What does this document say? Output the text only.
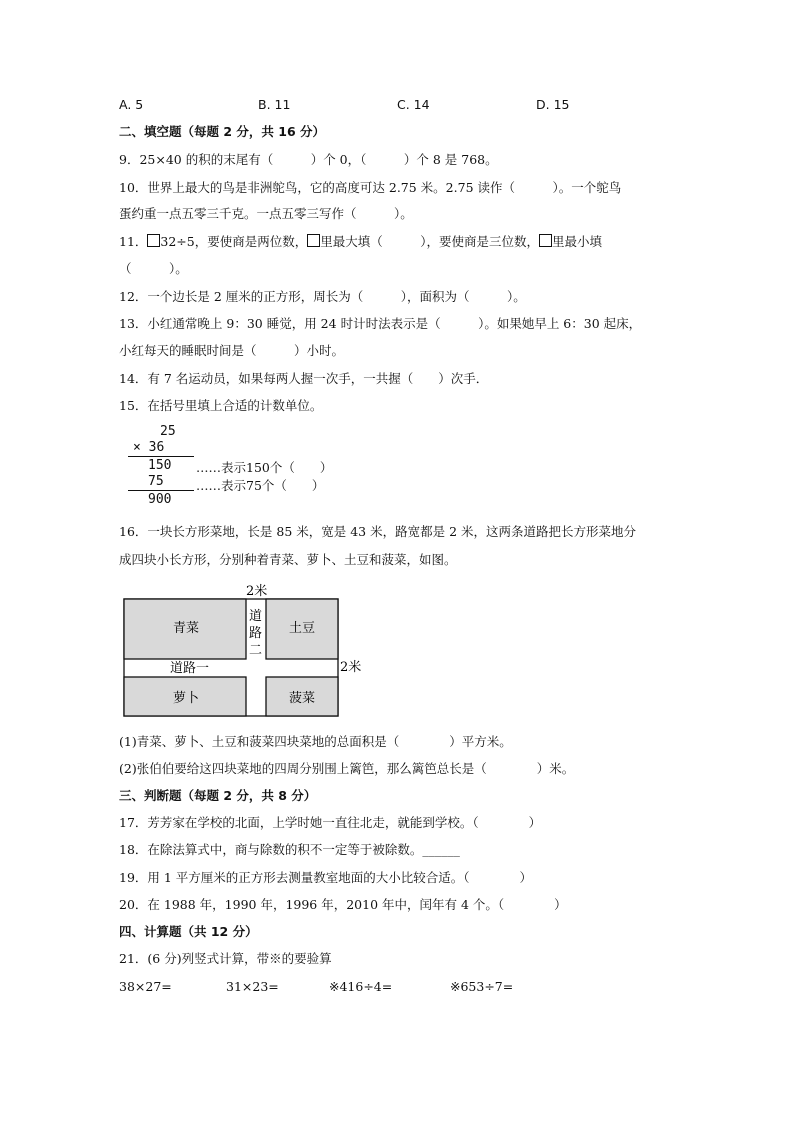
A. 5	B. 11	C. 14	D. 15
二、填空题（每题 2 分，共 16 分）
9．25×40 的积的末尾有（　　　）个 0，（　　　）个 8 是 768。
10．世界上最大的鸟是非洲鸵鸟，它的高度可达 2.75 米。2.75 读作（　　　）。一个鸵鸟
蛋约重一点五零三千克。一点五零三写作（　　　）。
11． 32÷5，要使商是两位数， 里最大填（　　　），要使商是三位数， 里最小填
（　　　）。
12．一个边长是 2 厘米的正方形，周长为（　　　），面积为（　　　）。
13．小红通常晚上 9：30 睡觉，用 24 时计时法表示是（　　　）。如果她早上 6：30 起床，
小红每天的睡眠时间是（　　　）小时。
14．有 7 名运动员，如果每两人握一次手，一共握（　　）次手．
15．在括号里填上合适的计数单位。
25
× 36
150
75
900
……表示150个（　　）
……表示75个（　　）
16．一块长方形菜地，长是 85 米，宽是 43 米，路宽都是 2 米，这两条道路把长方形菜地分
成四块小长方形，分别种着青菜、萝卜、土豆和菠菜，如图。
2米
2米
青菜	土豆
萝卜	菠菜
道路一
道
路
二
(1)青菜、萝卜、土豆和菠菜四块菜地的总面积是（　　　　）平方米。
(2)张伯伯要给这四块菜地的四周分别围上篱笆，那么篱笆总长是（　　　　）米。
三、判断题（每题 2 分，共 8 分）
17．芳芳家在学校的北面，上学时她一直往北走，就能到学校。（　　　　）
18．在除法算式中，商与除数的积不一定等于被除数。______
19．用 1 平方厘米的正方形去测量教室地面的大小比较合适。（　　　　）
20．在 1988 年，1990 年，1996 年，2010 年中，闰年有 4 个。（　　　　）
四、计算题（共 12 分）
21．(6 分)列竖式计算，带※的要验算
38×27=	31×23=	※416÷4=	※653÷7=
